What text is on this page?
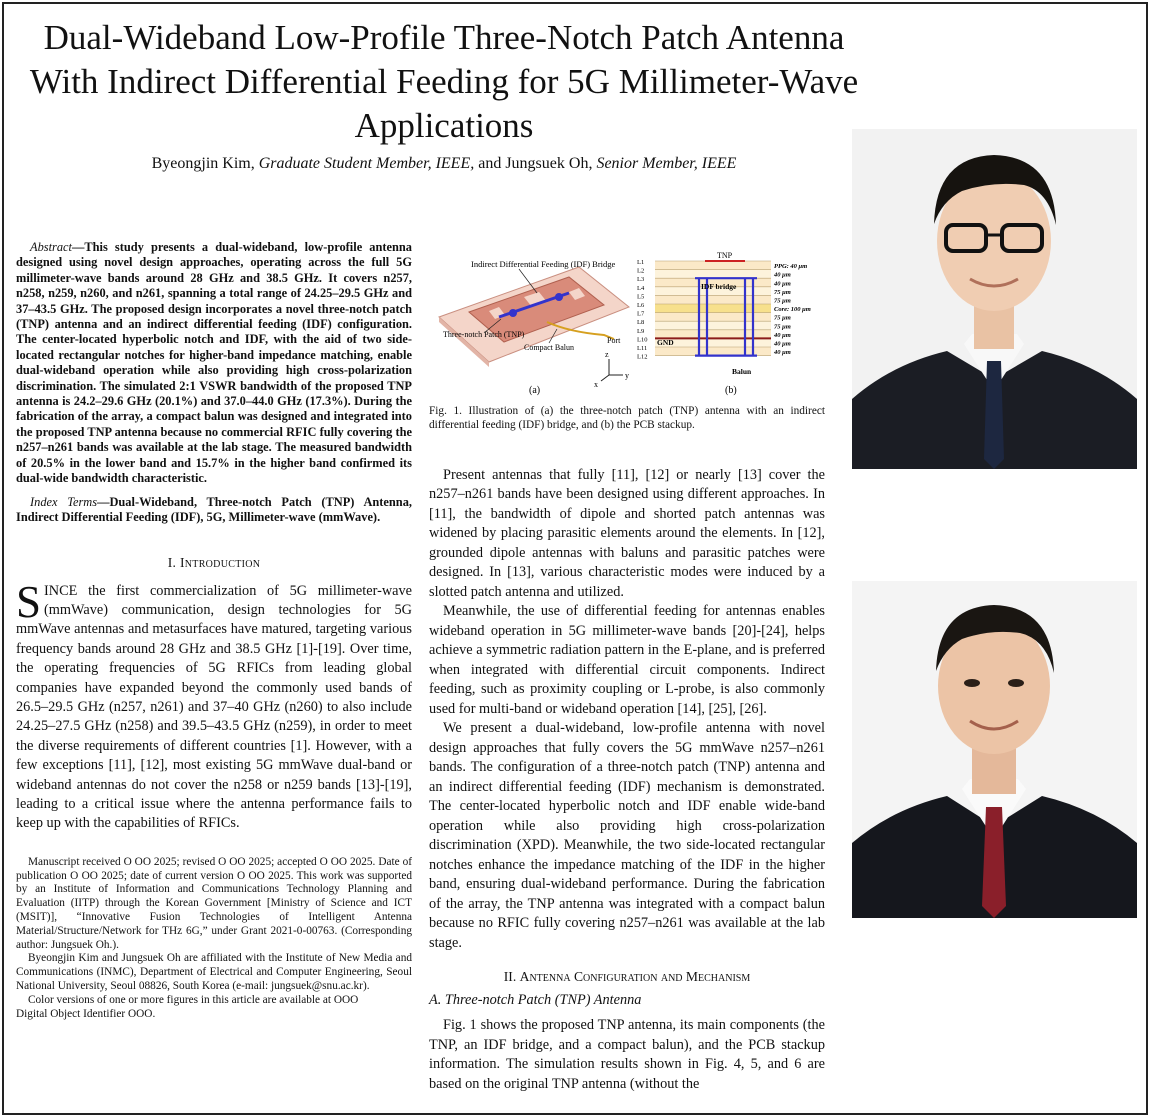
Dual-Wideband Low-Profile Three-Notch Patch Antenna With Indirect Differential Feeding for 5G Millimeter-Wave Applications
Byeongjin Kim, Graduate Student Member, IEEE, and Jungsuek Oh, Senior Member, IEEE

Abstract—This study presents a dual-wideband, low-profile antenna designed using novel design approaches, operating across the full 5G millimeter-wave bands around 28 GHz and 38.5 GHz. It covers n257, n258, n259, n260, and n261, spanning a total range of 24.25–29.5 GHz and 37–43.5 GHz. The proposed design incorporates a novel three-notch patch (TNP) antenna and an indirect differential feeding (IDF) configuration. The center-located hyperbolic notch and IDF, with the aid of two side-located rectangular notches for higher-band impedance matching, enable dual-wideband operation while also providing high cross-polarization discrimination. The simulated 2:1 VSWR bandwidth of the proposed TNP antenna is 24.2–29.6 GHz (20.1%) and 37.0–44.0 GHz (17.3%). During the fabrication of the array, a compact balun was designed and integrated into the proposed TNP antenna because no commercial RFIC fully covering the n257–n261 bands was available at the lab stage. The measured bandwidth of 20.5% in the lower band and 15.7% in the higher band confirmed its dual-wide bandwidth characteristic.

Index Terms—Dual-Wideband, Three-notch Patch (TNP) Antenna, Indirect Differential Feeding (IDF), 5G, Millimeter-wave (mmWave).

I. Introduction

SINCE the first commercialization of 5G millimeter-wave (mmWave) communication, design technologies for 5G mmWave antennas and metasurfaces have matured, targeting various frequency bands around 28 GHz and 38.5 GHz [1]-[19]. Over time, the operating frequencies of 5G RFICs from leading global companies have expanded beyond the commonly used bands of 26.5–29.5 GHz (n257, n261) and 37–40 GHz (n260) to also include 24.25–27.5 GHz (n258) and 39.5–43.5 GHz (n259), in order to meet the diverse requirements of different countries [1]. However, with a few exceptions [11], [12], most existing 5G mmWave dual-band or wideband antennas do not cover the n258 or n259 bands [13]-[19], leading to a critical issue where the antenna performance fails to keep up with the capabilities of RFICs.

Manuscript received O OO 2025; revised O OO 2025; accepted O OO 2025. Date of publication O OO 2025; date of current version O OO 2025. This work was supported by an Institute of Information and Communications Technology Planning and Evaluation (IITP) through the Korean Government [Ministry of Science and ICT (MSIT)], “Innovative Fusion Technologies of Intelligent Antenna Material/Structure/Network for THz 6G,” under Grant 2021-0-00763. (Corresponding author: Jungsuek Oh.).

Byeongjin Kim and Jungsuek Oh are affiliated with the Institute of New Media and Communications (INMC), Department of Electrical and Computer Engineering, Seoul National University, Seoul 08826, South Korea (e-mail: jungsuek@snu.ac.kr).

Color versions of one or more figures in this article are available at OOO

Digital Object Identifier OOO.

Indirect Differential Feeding (IDF) Bridge
Three-notch Patch (TNP)
Compact Balun
Port
z
x
y
(a)
PPG: 40 μm
40 μm
40 μm
75 μm
75 μm
Core: 100 μm
75 μm
75 μm
40 μm
40 μm
40 μm
L1
L2
L3
L4
L5
L6
L7
L8
L9
L10
L11
L12
TNP
IDF bridge
GND
Balun
(b)

Fig. 1. Illustration of (a) the three-notch patch (TNP) antenna with an indirect differential feeding (IDF) bridge, and (b) the PCB stackup.

Present antennas that fully [11], [12] or nearly [13] cover the n257–n261 bands have been designed using different approaches. In [11], the bandwidth of dipole and shorted patch antennas was widened by placing parasitic elements around the elements. In [12], grounded dipole antennas with baluns and parasitic patches were designed. In [13], various characteristic modes were induced by a slotted patch antenna and utilized.

Meanwhile, the use of differential feeding for antennas enables wideband operation in 5G millimeter-wave bands [20]-[24], helps achieve a symmetric radiation pattern in the E-plane, and is preferred when integrated with differential circuit components. Indirect feeding, such as proximity coupling or L-probe, is also commonly used for multi-band or wideband operation [14], [25], [26].

We present a dual-wideband, low-profile antenna with novel design approaches that fully covers the 5G mmWave n257–n261 bands. The configuration of a three-notch patch (TNP) antenna and an indirect differential feeding (IDF) mechanism is demonstrated. The center-located hyperbolic notch and IDF enable wide-band operation while also providing high cross-polarization discrimination (XPD). Meanwhile, the two side-located rectangular notches enhance the impedance matching of the IDF in the higher band, ensuring dual-wideband performance. During the fabrication of the array, the TNP antenna was integrated with a compact balun because no RFIC fully covering n257–n261 was available at the lab stage.

II. Antenna Configuration and Mechanism
A. Three-notch Patch (TNP) Antenna

Fig. 1 shows the proposed TNP antenna, its main components (the TNP, an IDF bridge, and a compact balun), and the PCB stackup information. The simulation results shown in Fig. 4, 5, and 6 are based on the original TNP antenna (without the
